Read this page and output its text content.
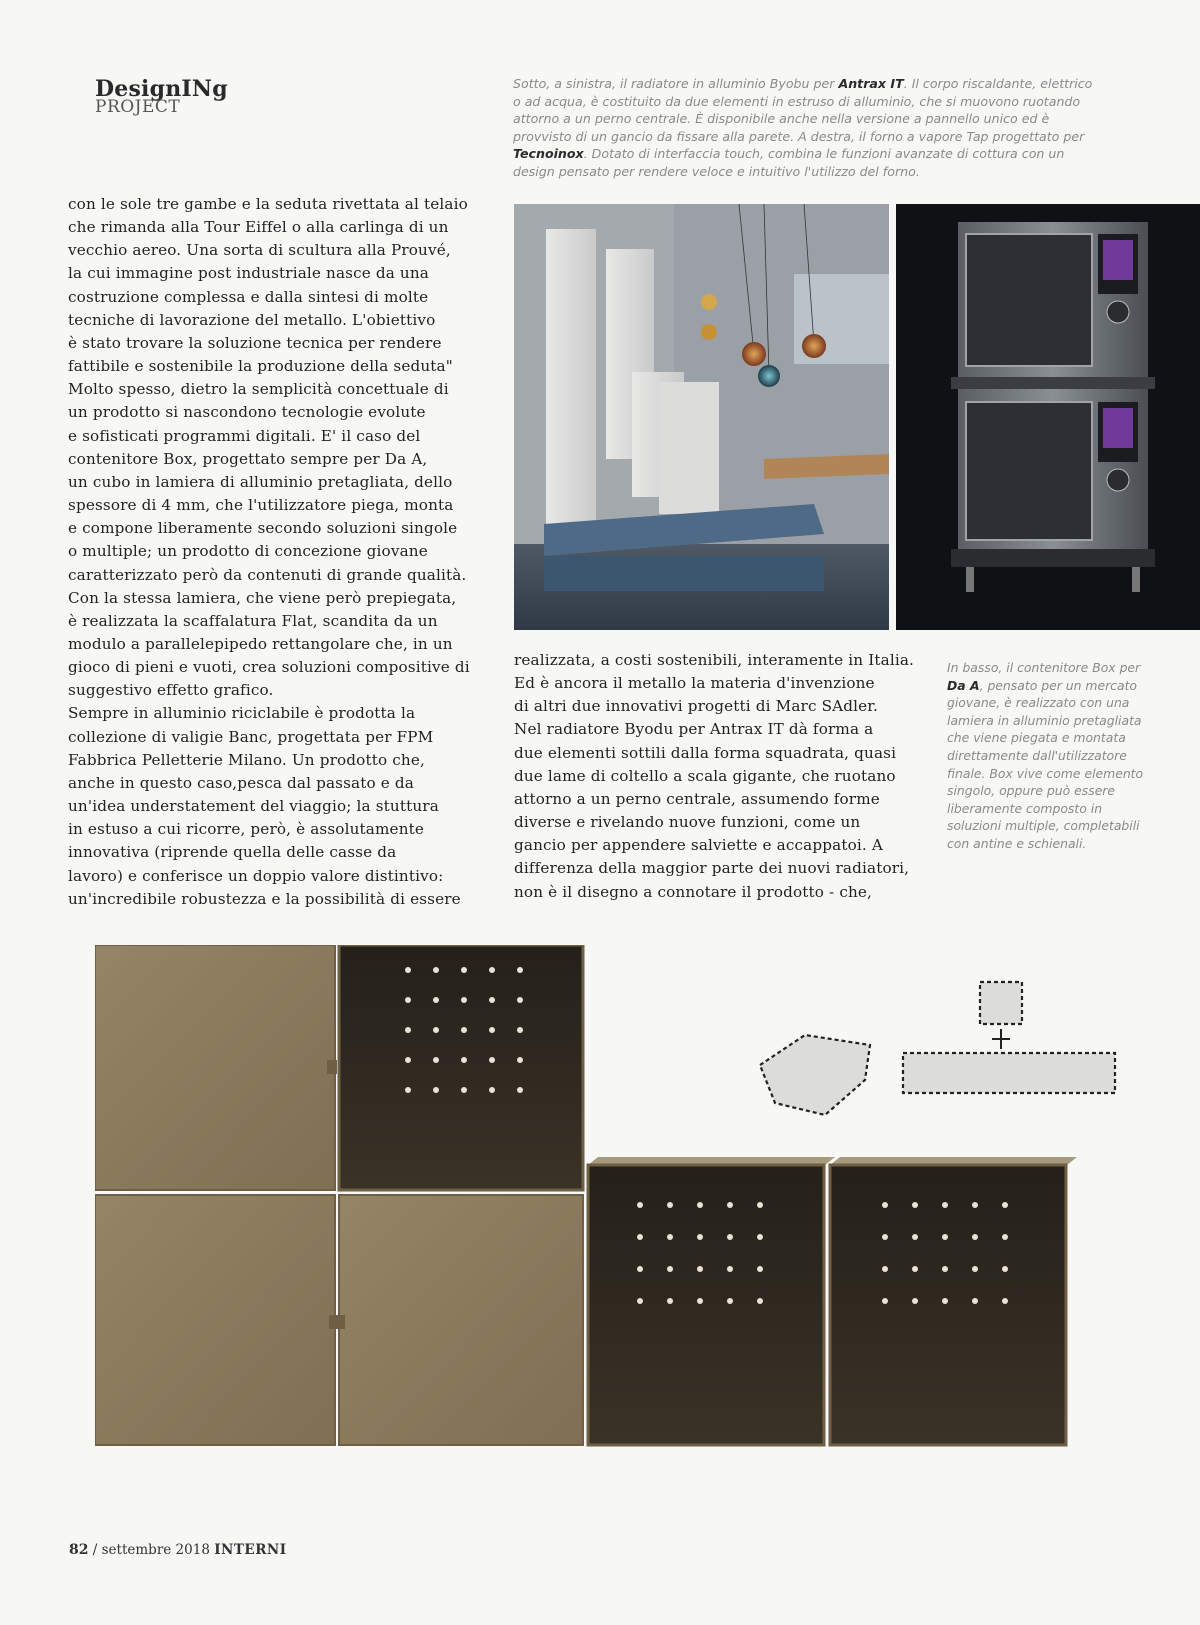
DesignINg
PROJECT
Sotto, a sinistra, il radiatore in alluminio Byobu per Antrax IT. Il corpo riscaldante, elettrico o ad acqua, è costituito da due elementi in estruso di alluminio, che si muovono ruotando attorno a un perno centrale. È disponibile anche nella versione a pannello unico ed è provvisto di un gancio da fissare alla parete. A destra, il forno a vapore Tap progettato per Tecnoinox. Dotato di interfaccia touch, combina le funzioni avanzate di cottura con un design pensato per rendere veloce e intuitivo l'utilizzo del forno.

con le sole tre gambe e la seduta rivettata al telaio

che rimanda alla Tour Eiffel o alla carlinga di un

vecchio aereo. Una sorta di scultura alla Prouvé,

la cui immagine post industriale nasce da una

costruzione complessa e dalla sintesi di molte

tecniche di lavorazione del metallo. L'obiettivo

è stato trovare la soluzione tecnica per rendere

fattibile e sostenibile la produzione della seduta"

Molto spesso, dietro la semplicità concettuale di

un prodotto si nascondono tecnologie evolute

e sofisticati programmi digitali. E' il caso del

contenitore Box, progettato sempre per Da A,

un cubo in lamiera di alluminio pretagliata, dello

spessore di 4 mm, che l'utilizzatore piega, monta

e compone liberamente secondo soluzioni singole

o multiple; un prodotto di concezione giovane

caratterizzato però da contenuti di grande qualità.

Con la stessa lamiera, che viene però prepiegata,

è realizzata la scaffalatura Flat, scandita da un

modulo a parallelepipedo rettangolare che, in un

gioco di pieni e vuoti, crea soluzioni compositive di

suggestivo effetto grafico.

Sempre in alluminio riciclabile è prodotta la

collezione di valigie Banc, progettata per FPM

Fabbrica Pelletterie Milano. Un prodotto che,

anche in questo caso,pesca dal passato e da

un'idea understatement del viaggio; la stuttura

in estuso a cui ricorre, però, è assolutamente

innovativa (riprende quella delle casse da

lavoro) e conferisce un doppio valore distintivo:

un'incredibile robustezza e la possibilità di essere

realizzata, a costi sostenibili, interamente in Italia.

Ed è ancora il metallo la materia d'invenzione

di altri due innovativi progetti di Marc SAdler.

Nel radiatore Byodu per Antrax IT dà forma a

due elementi sottili dalla forma squadrata, quasi

due lame di coltello a scala gigante, che ruotano

attorno a un perno centrale, assumendo forme

diverse e rivelando nuove funzioni, come un

gancio per appendere salviette e accappatoi. A

differenza della maggior parte dei nuovi radiatori,

non è il disegno a connotare il prodotto - che,

In basso, il contenitore Box per Da A, pensato per un mercato giovane, è realizzato con una lamiera in alluminio pretagliata che viene piegata e montata direttamente dall'utilizzatore finale. Box vive come elemento singolo, oppure può essere liberamente composto in soluzioni multiple, completabili con antine e schienali.
82 / settembre 2018 INTERNI
